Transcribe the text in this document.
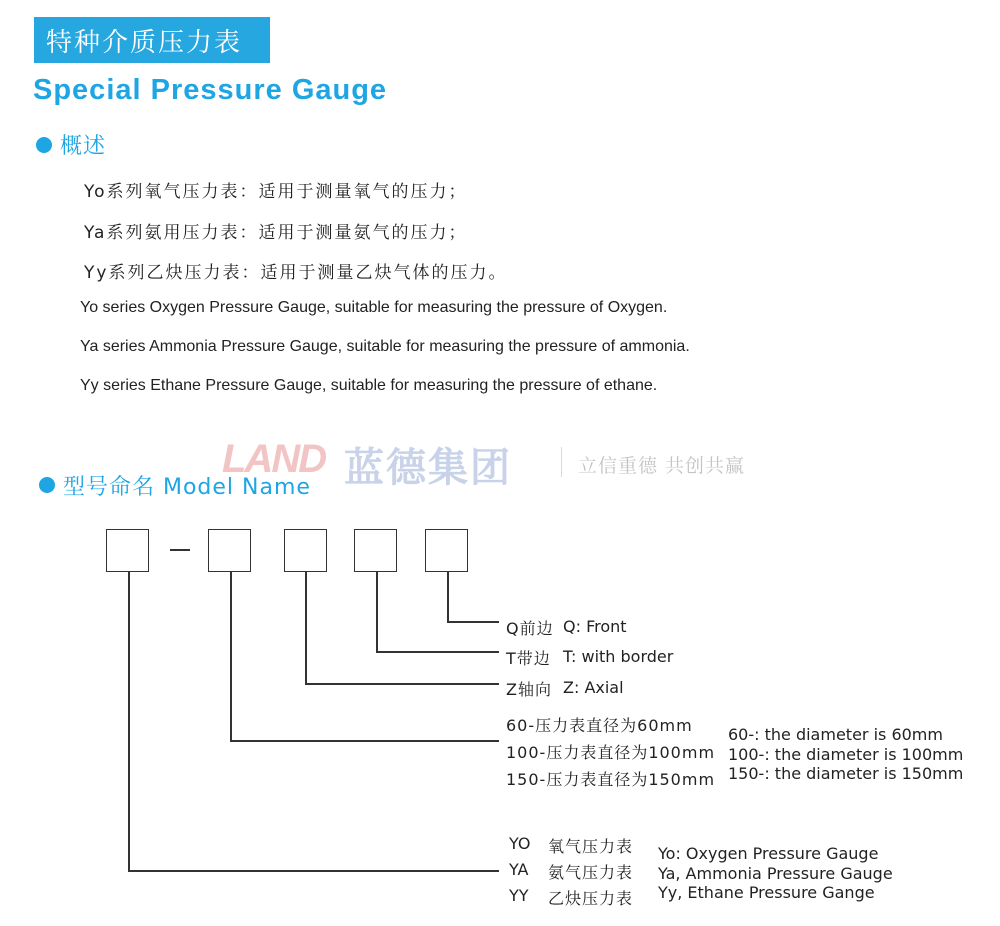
特种介质压力表
Special Pressure Gauge
概述
Yo系列氧气压力表：适用于测量氧气的压力；
Ya系列氨用压力表：适用于测量氨气的压力；
Yy系列乙炔压力表：适用于测量乙炔气体的压力。
Yo series Oxygen Pressure Gauge, suitable for measuring the pressure of Oxygen.
Ya series Ammonia Pressure Gauge, suitable for measuring the pressure of ammonia.
Yy series Ethane Pressure Gauge, suitable for measuring the pressure of ethane.
LAND 蓝德集团	立信重德 共创共赢
型号命名 Model Name
Q前边 Q: Front
T带边 T: with border
Z轴向 Z: Axial
60-压力表直径为60mm
100-压力表直径为100mm
150-压力表直径为150mm
60-: the diameter is 60mm
100-: the diameter is 100mm
150-: the diameter is 150mm
YO
YA
YY
氧气压力表
氨气压力表
乙炔压力表
Yo: Oxygen Pressure Gauge
Ya, Ammonia Pressure Gauge
Yy, Ethane Pressure Gange
